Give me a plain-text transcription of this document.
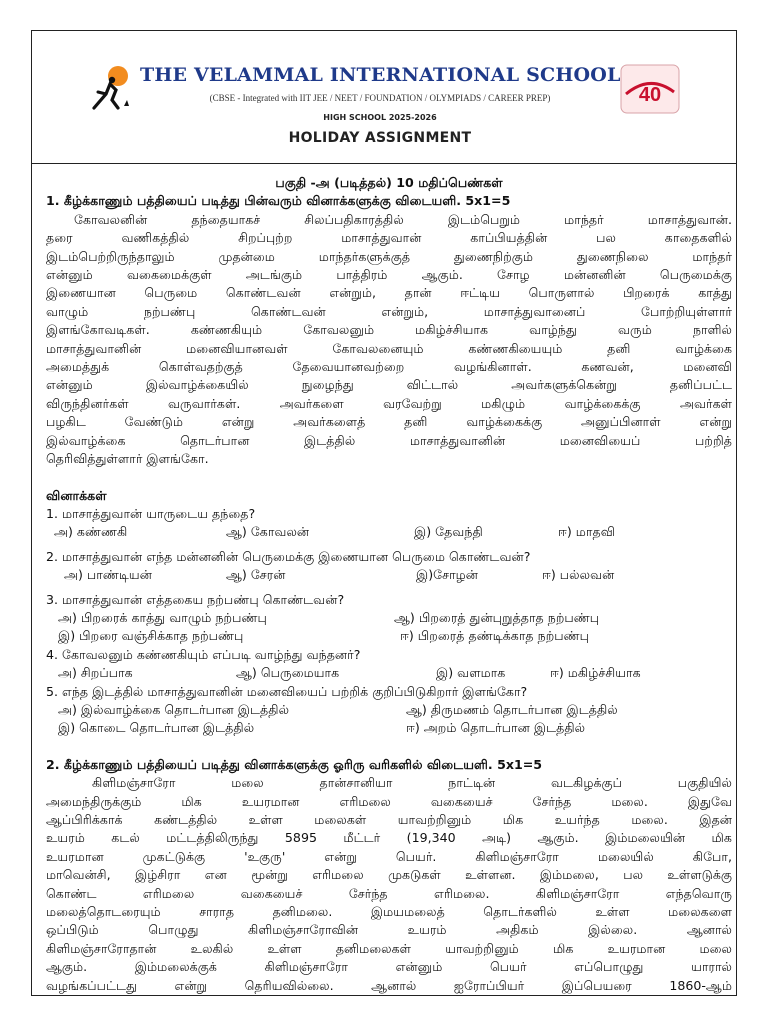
THE VELAMMAL INTERNATIONAL SCHOOL
(CBSE - Integrated with IIT JEE / NEET / FOUNDATION / OLYMPIADS / CAREER PREP)
HIGH SCHOOL 2025-2026
HOLIDAY ASSIGNMENT
40
பகுதி -அ (படித்தல்) 10 மதிப்பெண்கள்
1. கீழ்க்காணும் பத்தியைப் படித்து பின்வரும் வினாக்களுக்கு விடையளி. 5x1=5
கோவலனின் தந்தையாகச் சிலப்பதிகாரத்தில் இடம்பெறும் மாந்தர் மாசாத்துவான்.
தரை வணிகத்தில் சிறப்புற்ற மாசாத்துவான் காப்பியத்தின் பல காதைகளில்
இடம்பெற்றிருந்தாலும் முதன்மை மாந்தர்களுக்குத் துணைநிற்கும் துணைநிலை மாந்தர்
என்னும் வகைமைக்குள் அடங்கும் பாத்திரம் ஆகும். சோழ மன்னனின் பெருமைக்கு
இணையான பெருமை கொண்டவன் என்றும், தான் ஈட்டிய பொருளால் பிறரைக் காத்து
வாழும் நற்பண்பு கொண்டவன் என்றும், மாசாத்துவானைப் போற்றியுள்ளார்
இளங்கோவடிகள். கண்ணகியும் கோவலனும் மகிழ்ச்சியாக வாழ்ந்து வரும் நாளில்
மாசாத்துவானின் மனைவியானவள் கோவலனையும் கண்ணகியையும் தனி வாழ்க்கை
அமைத்துக் கொள்வதற்குத் தேவையானவற்றை வழங்கினாள். கணவன், மனைவி
என்னும் இல்வாழ்க்கையில் நுழைந்து விட்டால் அவர்களுக்கென்று தனிப்பட்ட
விருந்தினர்கள் வருவார்கள். அவர்களை வரவேற்று மகிழும் வாழ்க்கைக்கு அவர்கள்
பழகிட வேண்டும் என்று அவர்களைத் தனி வாழ்க்கைக்கு அனுப்பினாள் என்று
இல்வாழ்க்கை தொடர்பான இடத்தில் மாசாத்துவானின் மனைவியைப் பற்றித்
தெரிவித்துள்ளார் இளங்கோ.
வினாக்கள்
1. மாசாத்துவான் யாருடைய தந்தை?
அ) கண்ணகி	ஆ) கோவலன்	இ) தேவந்தி	ஈ) மாதவி
2. மாசாத்துவான் எந்த மன்னனின் பெருமைக்கு இணையான பெருமை கொண்டவன்?
அ) பாண்டியன்	ஆ) சேரன்	இ)சோழன்	ஈ) பல்லவன்
3. மாசாத்துவான் எத்தகைய நற்பண்பு கொண்டவன்?
அ) பிறரைக் காத்து வாழும் நற்பண்பு	ஆ) பிறரைத் துன்புறுத்தாத நற்பண்பு
இ) பிறரை வஞ்சிக்காத நற்பண்பு	ஈ) பிறரைத் தண்டிக்காத நற்பண்பு
4. கோவலனும் கண்ணகியும் எப்படி வாழ்ந்து வந்தனர்?
அ) சிறப்பாக	ஆ) பெருமையாக	இ) வளமாக	ஈ) மகிழ்ச்சியாக
5. எந்த இடத்தில் மாசாத்துவானின் மனைவியைப் பற்றிக் குறிப்பிடுகிறார் இளங்கோ?
அ) இல்வாழ்க்கை தொடர்பான இடத்தில்	ஆ) திருமணம் தொடர்பான இடத்தில்
இ) கொடை தொடர்பான இடத்தில்	ஈ) அறம் தொடர்பான இடத்தில்
2. கீழ்க்காணும் பத்தியைப் படித்து வினாக்களுக்கு ஓரிரு வரிகளில் விடையளி. 5x1=5
கிளிமஞ்சாரோ மலை தான்சானியா நாட்டின் வடகிழக்குப் பகுதியில்
அமைந்திருக்கும் மிக உயரமான எரிமலை வகையைச் சேர்ந்த மலை. இதுவே
ஆப்பிரிக்காக் கண்டத்தில் உள்ள மலைகள் யாவற்றினும் மிக உயர்ந்த மலை. இதன்
உயரம் கடல் மட்டத்திலிருந்து 5895 மீட்டர் (19,340 அடி) ஆகும். இம்மலையின் மிக
உயரமான முகட்டுக்கு 'உகுரு' என்று பெயர். கிளிமஞ்சாரோ மலையில் கிபோ,
மாவென்சி, இழ்சிரா என மூன்று எரிமலை முகடுகள் உள்ளன. இம்மலை, பல உள்ளடுக்கு
கொண்ட எரிமலை வகையைச் சேர்ந்த எரிமலை. கிளிமஞ்சாரோ எந்தவொரு
மலைத்தொடரையும் சாராத தனிமலை. இமயமலைத் தொடர்களில் உள்ள மலைகளை
ஒப்பிடும் பொழுது கிளிமஞ்சாரோவின் உயரம் அதிகம் இல்லை. ஆனால்
கிளிமஞ்சாரோதான் உலகில் உள்ள தனிமலைகள் யாவற்றினும் மிக உயரமான மலை
ஆகும். இம்மலைக்குக் கிளிமஞ்சாரோ என்னும் பெயர் எப்பொழுது யாரால்
வழங்கப்பட்டது என்று தெரியவில்லை. ஆனால் ஐரோப்பியர் இப்பெயரை 1860-ஆம்
